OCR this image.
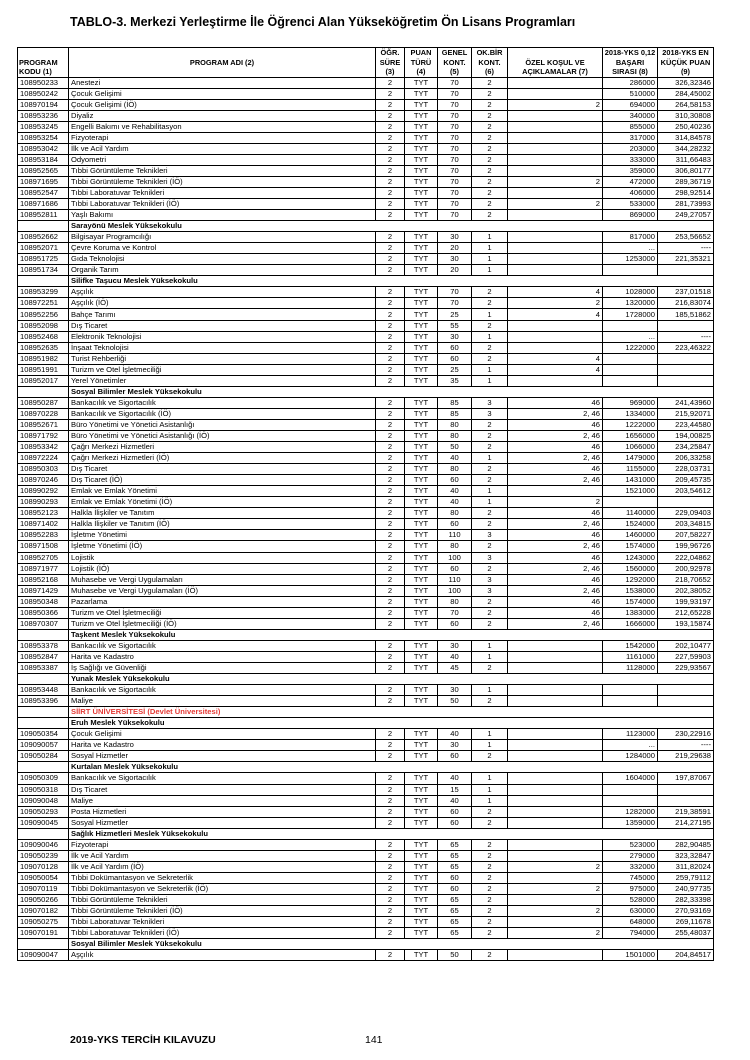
TABLO-3. Merkezi Yerleştirme İle Öğrenci Alan Yükseköğretim Ön Lisans Programları
PROGRAM KODU (1)	PROGRAM ADI (2)	ÖĞR. SÜRE (3)	PUAN TÜRÜ (4)	GENEL KONT. (5)	OK.BİR KONT. (6)	ÖZEL KOŞUL VE AÇIKLAMALAR (7)	2018-YKS 0,12 BAŞARI SIRASI (8)	2018-YKS EN KÜÇÜK PUAN (9)
108950233	Anestezi	2	TYT	70	2		286000	326,32346
108950242	Çocuk Gelişimi	2	TYT	70	2		510000	284,45002
108970194	Çocuk Gelişimi (İÖ)	2	TYT	70	2	2	694000	264,58153
108953236	Diyaliz	2	TYT	70	2		340000	310,30808
108953245	Engelli Bakımı ve Rehabilitasyon	2	TYT	70	2		855000	250,40236
108953254	Fizyoterapi	2	TYT	70	2		317000	314,84578
108953042	İlk ve Acil Yardım	2	TYT	70	2		203000	344,28232
108953184	Odyometri	2	TYT	70	2		333000	311,66483
108952565	Tıbbi Görüntüleme Teknikleri	2	TYT	70	2		359000	306,80177
108971695	Tıbbi Görüntüleme Teknikleri (İÖ)	2	TYT	70	2	2	472000	289,36719
108952547	Tıbbi Laboratuvar Teknikleri	2	TYT	70	2		406000	298,92514
108971686	Tıbbi Laboratuvar Teknikleri (İÖ)	2	TYT	70	2	2	533000	281,73993
108952811	Yaşlı Bakımı	2	TYT	70	2		869000	249,27057
	Sarayönü Meslek Yüksekokulu							
108952662	Bilgisayar Programcılığı	2	TYT	30	1		817000	253,56652
108952071	Çevre Koruma ve Kontrol	2	TYT	20	1		...	----
108951725	Gıda Teknolojisi	2	TYT	30	1		1253000	221,35321
108951734	Organik Tarım	2	TYT	20	1			
	Silifke Taşucu Meslek Yüksekokulu							
108953299	Aşçılık	2	TYT	70	2	4	1028000	237,01518
108972251	Aşçılık (İÖ)	2	TYT	70	2	2	1320000	216,83074
108952256	Bahçe Tarımı	2	TYT	25	1	4	1728000	185,51862
108952098	Dış Ticaret	2	TYT	55	2			
108952468	Elektronik Teknolojisi	2	TYT	30	1		...	----
108952635	İnşaat Teknolojisi	2	TYT	60	2		1222000	223,46322
108951982	Turist Rehberliği	2	TYT	60	2	4		
108951991	Turizm ve Otel İşletmeciliği	2	TYT	25	1	4		
108952017	Yerel Yönetimler	2	TYT	35	1			
	Sosyal Bilimler Meslek Yüksekokulu							
108950287	Bankacılık ve Sigortacılık	2	TYT	85	3	46	969000	241,43960
108970228	Bankacılık ve Sigortacılık (İÖ)	2	TYT	85	3	2, 46	1334000	215,92071
108952671	Büro Yönetimi ve Yönetici Asistanlığı	2	TYT	80	2	46	1222000	223,44580
108971792	Büro Yönetimi ve Yönetici Asistanlığı (İÖ)	2	TYT	80	2	2, 46	1656000	194,00825
108953342	Çağrı Merkezi Hizmetleri	2	TYT	50	2	46	1066000	234,25847
108972224	Çağrı Merkezi Hizmetleri (İÖ)	2	TYT	40	1	2, 46	1479000	206,33258
108950303	Dış Ticaret	2	TYT	80	2	46	1155000	228,03731
108970246	Dış Ticaret (İÖ)	2	TYT	60	2	2, 46	1431000	209,45735
108990292	Emlak ve Emlak Yönetimi	2	TYT	40	1		1521000	203,54612
108990293	Emlak ve Emlak Yönetimi (İÖ)	2	TYT	40	1	2		
108952123	Halkla İlişkiler ve Tanıtım	2	TYT	80	2	46	1140000	229,09403
108971402	Halkla İlişkiler ve Tanıtım (İÖ)	2	TYT	60	2	2, 46	1524000	203,34815
108952283	İşletme Yönetimi	2	TYT	110	3	46	1460000	207,58227
108971508	İşletme Yönetimi (İÖ)	2	TYT	80	2	2, 46	1574000	199,96726
108952705	Lojistik	2	TYT	100	3	46	1243000	222,04862
108971977	Lojistik (İÖ)	2	TYT	60	2	2, 46	1560000	200,92978
108952168	Muhasebe ve Vergi Uygulamaları	2	TYT	110	3	46	1292000	218,70652
108971429	Muhasebe ve Vergi Uygulamaları (İÖ)	2	TYT	100	3	2, 46	1538000	202,38052
108950348	Pazarlama	2	TYT	80	2	46	1574000	199,93197
108950366	Turizm ve Otel İşletmeciliği	2	TYT	70	2	46	1383000	212,65228
108970307	Turizm ve Otel İşletmeciliği (İÖ)	2	TYT	60	2	2, 46	1666000	193,15874
	Taşkent Meslek Yüksekokulu							
108953378	Bankacılık ve Sigortacılık	2	TYT	30	1		1542000	202,10477
108952847	Harita ve Kadastro	2	TYT	40	1		1161000	227,59903
108953387	İş Sağlığı ve Güvenliği	2	TYT	45	2		1128000	229,93567
	Yunak Meslek Yüksekokulu							
108953448	Bankacılık ve Sigortacılık	2	TYT	30	1			
108953396	Maliye	2	TYT	50	2			
	SİİRT ÜNİVERSİTESİ (Devlet Üniversitesi)							
	Eruh Meslek Yüksekokulu							
109050354	Çocuk Gelişimi	2	TYT	40	1		1123000	230,22916
109090057	Harita ve Kadastro	2	TYT	30	1		...	----
109050284	Sosyal Hizmetler	2	TYT	60	2		1284000	219,29638
	Kurtalan Meslek Yüksekokulu							
109050309	Bankacılık ve Sigortacılık	2	TYT	40	1		1604000	197,87067
109050318	Dış Ticaret	2	TYT	15	1			
109090048	Maliye	2	TYT	40	1			
109050293	Posta Hizmetleri	2	TYT	60	2		1282000	219,38591
109090045	Sosyal Hizmetler	2	TYT	60	2		1359000	214,27195
	Sağlık Hizmetleri Meslek Yüksekokulu							
109090046	Fizyoterapi	2	TYT	65	2		523000	282,90485
109050239	İlk ve Acil Yardım	2	TYT	65	2		279000	323,32847
109070128	İlk ve Acil Yardım (İÖ)	2	TYT	65	2	2	332000	311,82024
109050054	Tıbbi Dokümantasyon ve Sekreterlik	2	TYT	60	2		745000	259,79112
109070119	Tıbbi Dokümantasyon ve Sekreterlik (İÖ)	2	TYT	60	2	2	975000	240,97735
109050266	Tıbbi Görüntüleme Teknikleri	2	TYT	65	2		528000	282,33398
109070182	Tıbbi Görüntüleme Teknikleri (İÖ)	2	TYT	65	2	2	630000	270,93169
109050275	Tıbbi Laboratuvar Teknikleri	2	TYT	65	2		648000	269,11678
109070191	Tıbbi Laboratuvar Teknikleri (İÖ)	2	TYT	65	2	2	794000	255,48037
	Sosyal Bilimler Meslek Yüksekokulu							
109090047	Aşçılık	2	TYT	50	2		1501000	204,84517
2019-YKS TERCİH KILAVUZU	141
